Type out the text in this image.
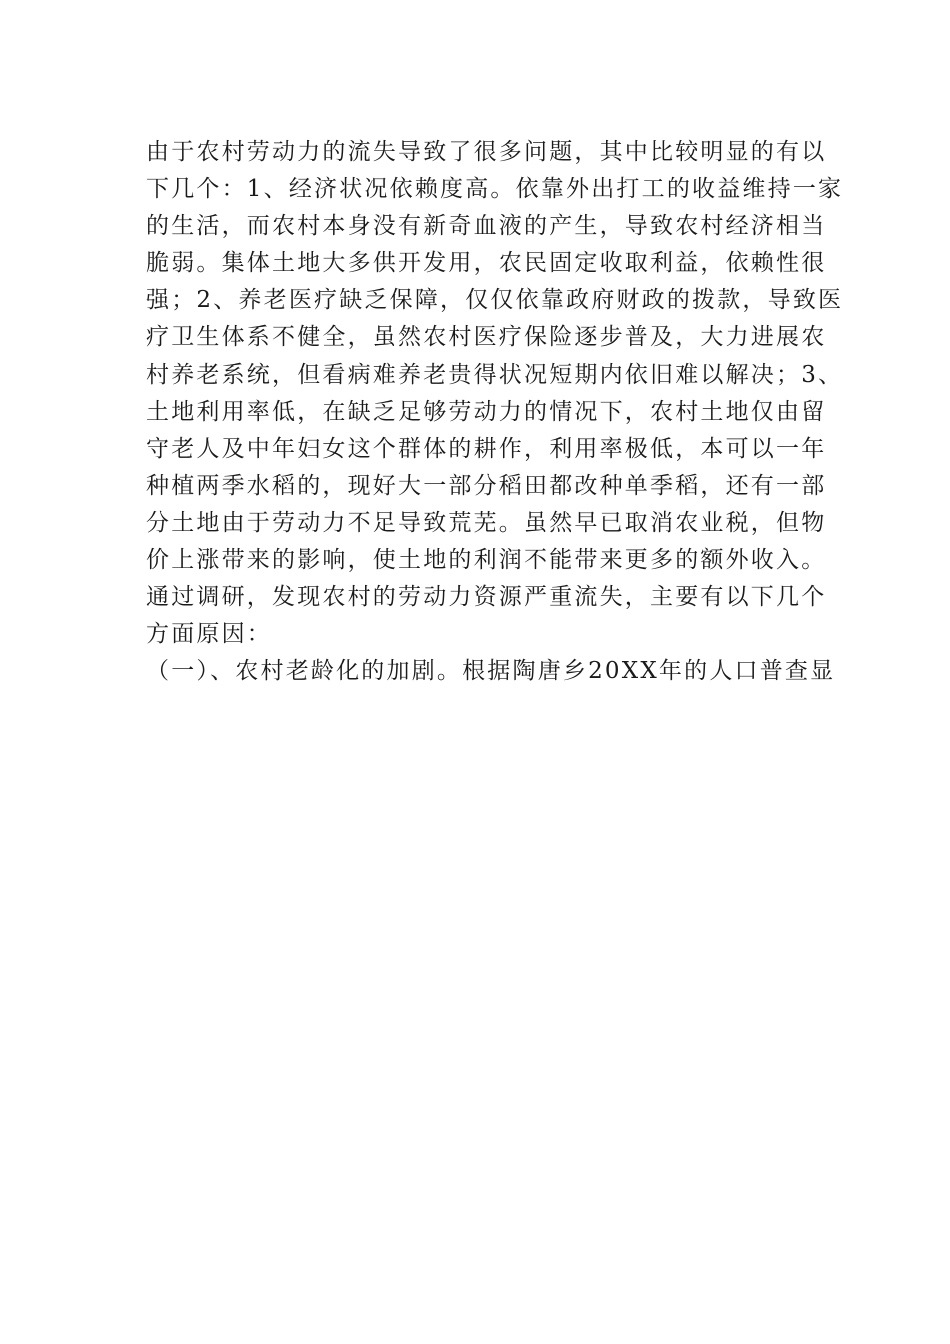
由于农村劳动力的流失导致了很多问题，其中比较明显的有以
下几个：1、经济状况依赖度高。依靠外出打工的收益维持一家
的生活，而农村本身没有新奇血液的产生，导致农村经济相当
脆弱。集体土地大多供开发用，农民固定收取利益，依赖性很
强；2、养老医疗缺乏保障，仅仅依靠政府财政的拨款，导致医
疗卫生体系不健全，虽然农村医疗保险逐步普及，大力进展农
村养老系统，但看病难养老贵得状况短期内依旧难以解决；3、
土地利用率低，在缺乏足够劳动力的情况下，农村土地仅由留
守老人及中年妇女这个群体的耕作，利用率极低，本可以一年
种植两季水稻的，现好大一部分稻田都改种单季稻，还有一部
分土地由于劳动力不足导致荒芜。虽然早已取消农业税，但物
价上涨带来的影响，使土地的利润不能带来更多的额外收入。
通过调研，发现农村的劳动力资源严重流失，主要有以下几个
方面原因：
（一）、农村老龄化的加剧。根据陶唐乡20XX年的人口普查显
